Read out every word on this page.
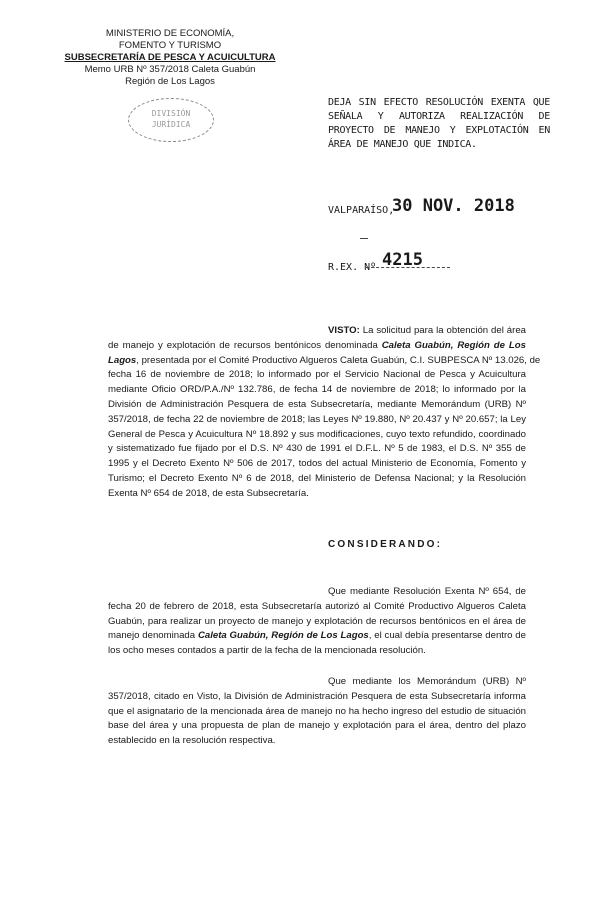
MINISTERIO DE ECONOMÍA,
FOMENTO Y TURISMO
SUBSECRETARÍA DE PESCA Y ACUICULTURA
Memo URB Nº 357/2018 Caleta Guabún
Región de Los Lagos
DIVISIÓN
JURÍDICA
DEJA SIN EFECTO RESOLUCIÓN EXENTA QUE SEÑALA Y AUTORIZA REALIZACIÓN DE PROYECTO DE MANEJO Y EXPLOTACIÓN EN ÁREA DE MANEJO QUE INDICA.
VALPARAÍSO,
30 NOV. 2018
R.EX. Nº 4215
VISTO: La solicitud para la obtención del área
de manejo y explotación de recursos bentónicos denominada Caleta Guabún, Región de Los
Lagos, presentada por el Comité Productivo Algueros Caleta Guabún, C.I. SUBPESCA Nº 13.026, de
fecha 16 de noviembre de 2018; lo informado por el Servicio Nacional de Pesca y Acuicultura
mediante Oficio ORD/P.A./Nº 132.786, de fecha 14 de noviembre de 2018; lo informado por la
División de Administración Pesquera de esta Subsecretaría, mediante Memorándum (URB) Nº
357/2018, de fecha 22 de noviembre de 2018; las Leyes Nº 19.880, Nº 20.437 y Nº 20.657; la Ley
General de Pesca y Acuicultura Nº 18.892 y sus modificaciones, cuyo texto refundido, coordinado
y sistematizado fue fijado por el D.S. Nº 430 de 1991 el D.F.L. Nº 5 de 1983, el D.S. Nº 355 de
1995 y el Decreto Exento Nº 506 de 2017, todos del actual Ministerio de Economía, Fomento y
Turismo; el Decreto Exento Nº 6 de 2018, del Ministerio de Defensa Nacional; y la Resolución
Exenta Nº 654 de 2018, de esta Subsecretaría.
CONSIDERANDO:
Que mediante Resolución Exenta Nº 654, de
fecha 20 de febrero de 2018, esta Subsecretaría autorizó al Comité Productivo Algueros Caleta
Guabún, para realizar un proyecto de manejo y explotación de recursos bentónicos en el área de
manejo denominada Caleta Guabún, Región de Los Lagos, el cual debía presentarse dentro de
los ocho meses contados a partir de la fecha de la mencionada resolución.
Que mediante los Memorándum (URB) Nº
357/2018, citado en Visto, la División de Administración Pesquera de esta Subsecretaría informa
que el asignatario de la mencionada área de manejo no ha hecho ingreso del estudio de situación
base del área y una propuesta de plan de manejo y explotación para el área, dentro del plazo
establecido en la resolución respectiva.
